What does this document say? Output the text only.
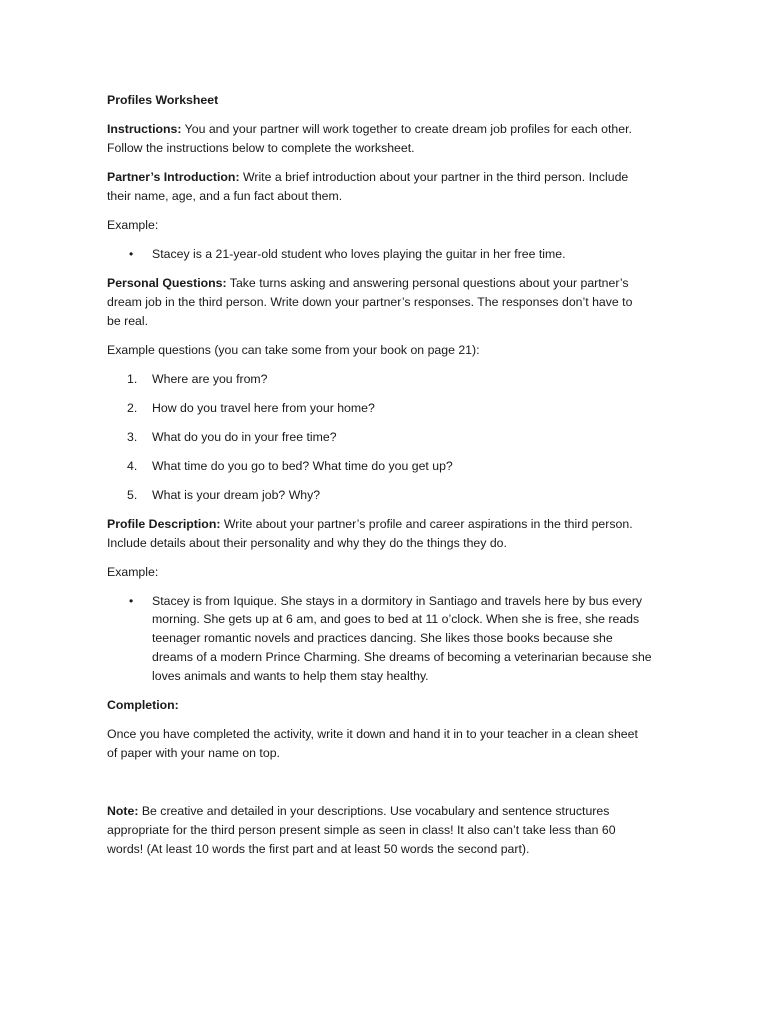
Profiles Worksheet
Instructions: You and your partner will work together to create dream job profiles for each other.
Follow the instructions below to complete the worksheet.
Partner’s Introduction: Write a brief introduction about your partner in the third person. Include
their name, age, and a fun fact about them.
Example:
•	Stacey is a 21-year-old student who loves playing the guitar in her free time.
Personal Questions: Take turns asking and answering personal questions about your partner’s
dream job in the third person. Write down your partner’s responses. The responses don’t have to
be real.
Example questions (you can take some from your book on page 21):
1.	Where are you from?
2.	How do you travel here from your home?
3.	What do you do in your free time?
4.	What time do you go to bed? What time do you get up?
5.	What is your dream job? Why?
Profile Description: Write about your partner’s profile and career aspirations in the third person.
Include details about their personality and why they do the things they do.
Example:
•	Stacey is from Iquique. She stays in a dormitory in Santiago and travels here by bus every
morning. She gets up at 6 am, and goes to bed at 11 o’clock. When she is free, she reads
teenager romantic novels and practices dancing. She likes those books because she
dreams of a modern Prince Charming. She dreams of becoming a veterinarian because she
loves animals and wants to help them stay healthy.
Completion:
Once you have completed the activity, write it down and hand it in to your teacher in a clean sheet
of paper with your name on top.
Note: Be creative and detailed in your descriptions. Use vocabulary and sentence structures
appropriate for the third person present simple as seen in class! It also can’t take less than 60
words! (At least 10 words the first part and at least 50 words the second part).
